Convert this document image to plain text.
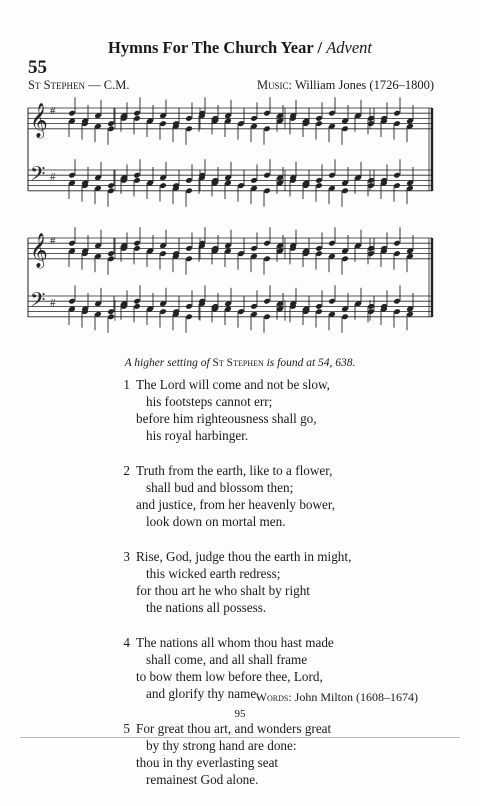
Hymns For The Church Year / Advent
55
St Stephen — C.M.	Music: William Jones (1726–1800)
𝄞 #
𝄢 #
𝄞 #
𝄢 #
A higher setting of St Stephen is found at 54, 638.
1 The Lord will come and not be slow,
his footsteps cannot err;
before him righteousness shall go,
his royal harbinger.
2 Truth from the earth, like to a flower,
shall bud and blossom then;
and justice, from her heavenly bower,
look down on mortal men.
3 Rise, God, judge thou the earth in might,
this wicked earth redress;
for thou art he who shalt by right
the nations all possess.
4 The nations all whom thou hast made
shall come, and all shall frame
to bow them low before thee, Lord,
and glorify thy name.
5 For great thou art, and wonders great
by thy strong hand are done:
thou in thy everlasting seat
remainest God alone.
Words: John Milton (1608–1674)
95
